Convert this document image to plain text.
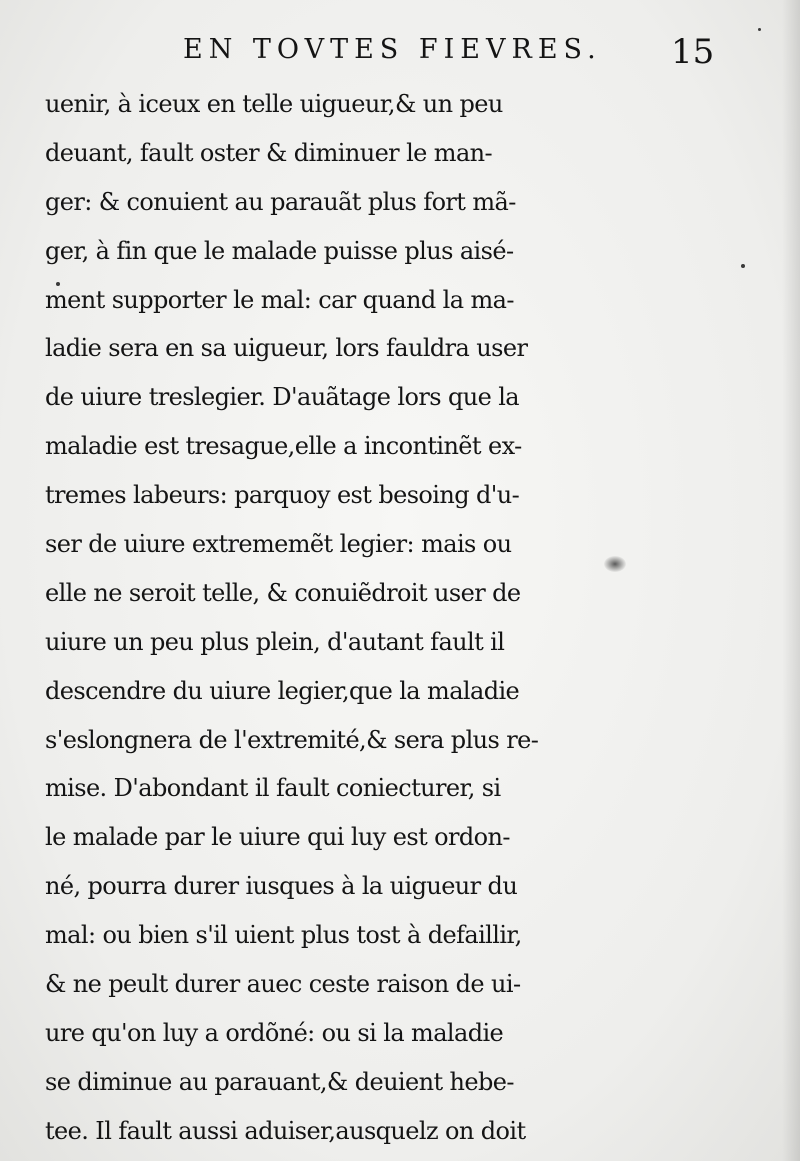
EN TOVTES FIEVRES. 15
uenir, à iceux en telle uigueur,& un peu
deuant, fault oster & diminuer le man-
ger: & conuient au parauãt plus fort mã-
ger, à fin que le malade puisse plus aisé-
ment supporter le mal: car quand la ma-
ladie sera en sa uigueur, lors fauldra user
de uiure treslegier. D'auãtage lors que la
maladie est tresague,elle a incontinẽt ex-
tremes labeurs: parquoy est besoing d'u-
ser de uiure extrememẽt legier: mais ou
elle ne seroit telle, & conuiẽdroit user de
uiure un peu plus plein, d'autant fault il
descendre du uiure legier,que la maladie
s'eslongnera de l'extremité,& sera plus re-
mise. D'abondant il fault coniecturer, si
le malade par le uiure qui luy est ordon-
né, pourra durer iusques à la uigueur du
mal: ou bien s'il uient plus tost à defaillir,
& ne peult durer auec ceste raison de ui-
ure qu'on luy a ordõné: ou si la maladie
se diminue au parauant,& deuient hebe-
tee. Il fault aussi aduiser,ausquelz on doit
